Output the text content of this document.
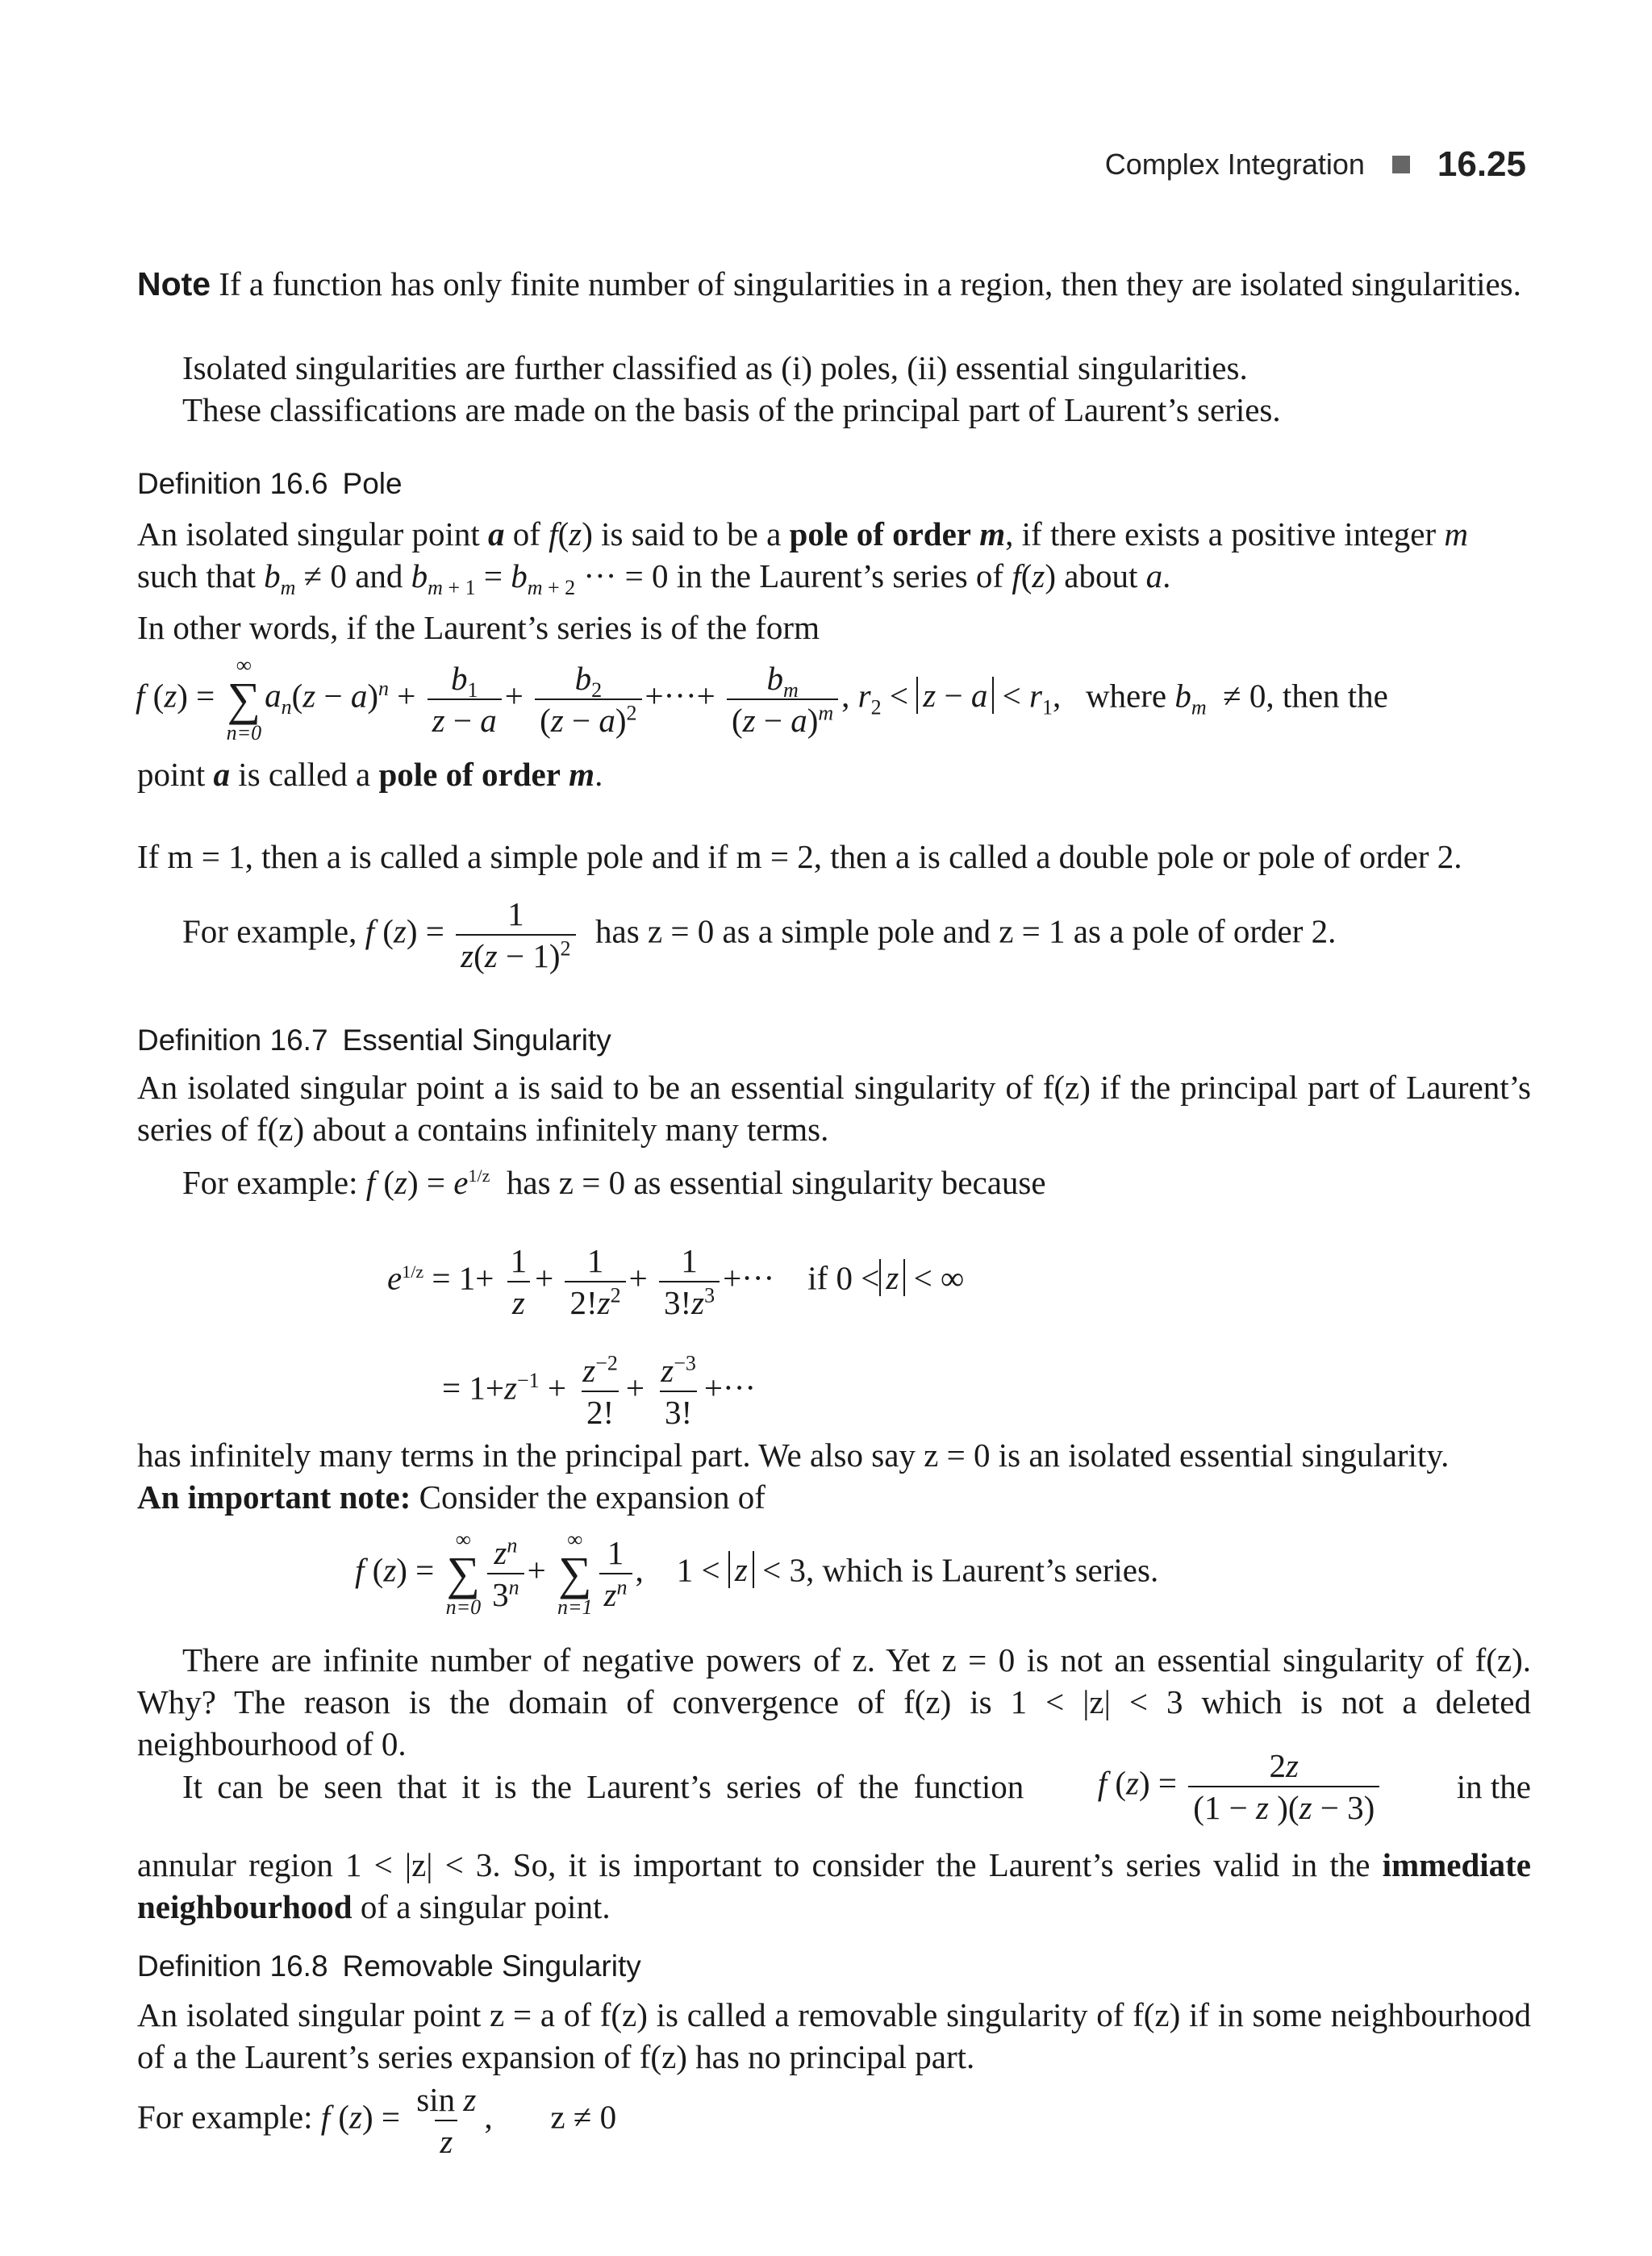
Complex Integration 16.25
Note If a function has only finite number of singularities in a region, then they are isolated singularities.
Isolated singularities are further classified as (i) poles, (ii) essential singularities.
These classifications are made on the basis of the principal part of Laurent’s series.
Definition 16.6 Pole
An isolated singular point a of f(z) is said to be a pole of order m, if there exists a positive integer m
such that $b_m \ne 0$ and $b_{m + 1} = b_{m + 2}$ ··· = 0 in the Laurent’s series of f(z) about a.
In other words, if the Laurent’s series is of the form
f (z) =
∞
∑
n=0
$a_n(z - a)^n + \frac{b_1}{z - a} + \frac{b_2}{(z - a)^2}$ +···+ $\frac{b_m}{(z - a)^m}$ , $r_2 < z - a < r_1$,   where $b_m \ne 0$, then the
point a is called a pole of order m.
If m = 1, then a is called a simple pole and if m = 2, then a is called a double pole or pole of order 2.
For example, f $(z) = \frac{1}{z(z - 1)^2}$ has z = 0 as a simple pole and z = 1 as a pole of order 2.
Definition 16.7 Essential Singularity
An isolated singular point a is said to be an essential singularity of f(z) if the principal part of Laurent’s series of f(z) about a contains infinitely many terms.
For example: f $(z) = e^{1/z}$ has z = 0 as essential singularity because
$e^{1/z} = 1+ \frac{1}{z} + \frac{1}{2!z^2} + \frac{1}{3!z^3}$ +···    if 0 < z < ∞
= $1+z^{-1} + \frac{z^{-2}}{2!} + \frac{z^{-3}}{3!}$ +···
has infinitely many terms in the principal part. We also say z = 0 is an isolated essential singularity.
An important note: Consider the expansion of
f (z) =
∞
∑
$n=0 \frac{z^n}{3^n}$ +
∞
∑
$n=1 \frac{1}{z^n}$ ,    1 < z < 3, which is Laurent’s series.
There are infinite number of negative powers of z. Yet z = 0 is not an essential singularity of f(z). Why? The reason is the domain of convergence of f(z) is 1 < |z| < 3 which is not a deleted neighbourhood of 0.
It can be seen that it is the Laurent’s series of the function f $(z) = \frac{2z}{(1 - z )(z - 3)}$ in the
annular region 1 < |z| < 3. So, it is important to consider the Laurent’s series valid in the immediate neighbourhood of a singular point.
Definition 16.8 Removable Singularity
An isolated singular point z = a of f(z) is called a removable singularity of f(z) if in some neighbourhood of a the Laurent’s series expansion of f(z) has no principal part.
For example: f $(z) = \frac{\text{sin z}}{z}$ ,       z ≠ 0
